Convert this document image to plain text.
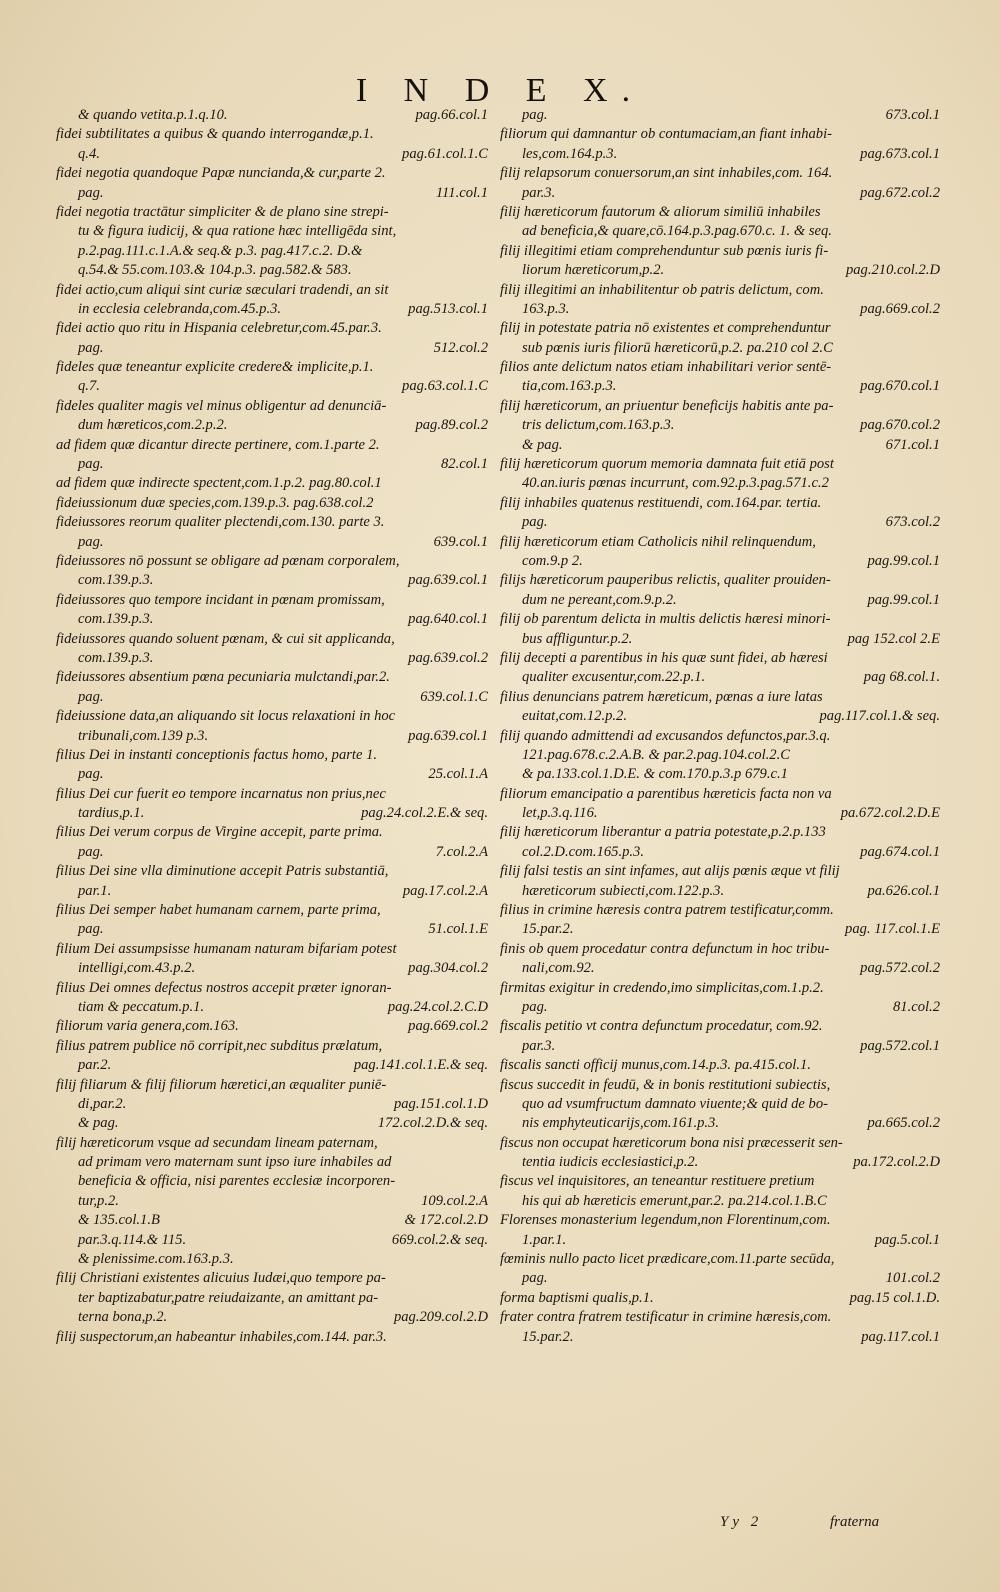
I N D E X.
& quando vetita.p.1.q.10.	pag.66.col.1
fidei subtilitates a quibus & quando interrogandæ,p.1.
q.4.	pag.61.col.1.C
fidei negotia quandoque Papæ nuncianda,& cur,parte 2.
pag.	111.col.1
fidei negotia tractātur simpliciter & de plano sine strepi-
tu & figura iudicij, & qua ratione hæc intelligēda sint,
p.2.pag.111.c.1.A.& seq.& p.3. pag.417.c.2. D.&
q.54.& 55.com.103.& 104.p.3. pag.582.& 583.
fidei actio,cum aliqui sint curiæ sæculari tradendi, an sit
in ecclesia celebranda,com.45.p.3.	pag.513.col.1
fidei actio quo ritu in Hispania celebretur,com.45.par.3.
pag.	512.col.2
fideles quæ teneantur explicite credere& implicite,p.1.
q.7.	pag.63.col.1.C
fideles qualiter magis vel minus obligentur ad denunciā-
dum hæreticos,com.2.p.2.	pag.89.col.2
ad fidem quæ dicantur directe pertinere, com.1.parte 2.
pag.	82.col.1
ad fidem quæ indirecte spectent,com.1.p.2. pag.80.col.1
fideiussionum duæ species,com.139.p.3. pag.638.col.2
fideiussores reorum qualiter plectendi,com.130. parte 3.
pag.	639.col.1
fideiussores nō possunt se obligare ad pœnam corporalem,
com.139.p.3.	pag.639.col.1
fideiussores quo tempore incidant in pœnam promissam,
com.139.p.3.	pag.640.col.1
fideiussores quando soluent pœnam, & cui sit applicanda,
com.139.p.3.	pag.639.col.2
fideiussores absentium pœna pecuniaria mulctandi,par.2.
pag.	639.col.1.C
fideiussione data,an aliquando sit locus relaxationi in hoc
tribunali,com.139 p.3.	pag.639.col.1
filius Dei in instanti conceptionis factus homo, parte 1.
pag.	25.col.1.A
filius Dei cur fuerit eo tempore incarnatus non prius,nec
tardius,p.1.	pag.24.col.2.E.& seq.
filius Dei verum corpus de Virgine accepit, parte prima.
pag.	7.col.2.A
filius Dei sine vlla diminutione accepit Patris substantiā,
par.1.	pag.17.col.2.A
filius Dei semper habet humanam carnem, parte prima,
pag.	51.col.1.E
filium Dei assumpsisse humanam naturam bifariam potest
intelligi,com.43.p.2.	pag.304.col.2
filius Dei omnes defectus nostros accepit præter ignoran-
tiam & peccatum.p.1.	pag.24.col.2.C.D
filiorum varia genera,com.163.	pag.669.col.2
filius patrem publice nō corripit,nec subditus prælatum,
par.2.	pag.141.col.1.E.& seq.
filij filiarum & filij filiorum hæretici,an æqualiter puniē-
di,par.2.	pag.151.col.1.D
& pag.	172.col.2.D.& seq.
filij hæreticorum vsque ad secundam lineam paternam,
ad primam vero maternam sunt ipso iure inhabiles ad
beneficia & officia, nisi parentes ecclesiæ incorporen-
tur,p.2.	109.col.2.A
& 135.col.1.B	& 172.col.2.D
par.3.q.114.& 115.	669.col.2.& seq.
& plenissime.com.163.p.3.
filij Christiani existentes alicuius Iudæi,quo tempore pa-
ter baptizabatur,patre reiudaizante, an amittant pa-
terna bona,p.2.	pag.209.col.2.D
filij suspectorum,an habeantur inhabiles,com.144. par.3.
pag.	673.col.1
filiorum qui damnantur ob contumaciam,an fiant inhabi-
les,com.164.p.3.	pag.673.col.1
filij relapsorum conuersorum,an sint inhabiles,com. 164.
par.3.	pag.672.col.2
filij hæreticorum fautorum & aliorum similiū inhabiles
ad beneficia,& quare,cō.164.p.3.pag.670.c. 1. & seq.
filij illegitimi etiam comprehenduntur sub pœnis iuris fi-
liorum hæreticorum,p.2.	pag.210.col.2.D
filij illegitimi an inhabilitentur ob patris delictum, com.
163.p.3.	pag.669.col.2
filij in potestate patria nō existentes et comprehenduntur
sub pœnis iuris filiorū hæreticorū,p.2. pa.210 col 2.C
filios ante delictum natos etiam inhabilitari verior sentē-
tia,com.163.p.3.	pag.670.col.1
filij hæreticorum, an priuentur beneficijs habitis ante pa-
tris delictum,com.163.p.3.	pag.670.col.2
& pag.	671.col.1
filij hæreticorum quorum memoria damnata fuit etiā post
40.an.iuris pœnas incurrunt, com.92.p.3.pag.571.c.2
filij inhabiles quatenus restituendi, com.164.par. tertia.
pag.	673.col.2
filij hæreticorum etiam Catholicis nihil relinquendum,
com.9.p 2.	pag.99.col.1
filijs hæreticorum pauperibus relictis, qualiter prouiden-
dum ne pereant,com.9.p.2.	pag.99.col.1
filij ob parentum delicta in multis delictis hæresi minori-
bus affliguntur.p.2.	pag 152.col 2.E
filij decepti a parentibus in his quæ sunt fidei, ab hæresi
qualiter excusentur,com.22.p.1.	pag 68.col.1.
filius denuncians patrem hæreticum, pœnas a iure latas
euitat,com.12.p.2.	pag.117.col.1.& seq.
filij quando admittendi ad excusandos defunctos,par.3.q.
121.pag.678.c.2.A.B. & par.2.pag.104.col.2.C
& pa.133.col.1.D.E. & com.170.p.3.p 679.c.1
filiorum emancipatio a parentibus hæreticis facta non va
let,p.3.q.116.	pa.672.col.2.D.E
filij hæreticorum liberantur a patria potestate,p.2.p.133
col.2.D.com.165.p.3.	pag.674.col.1
filij falsi testis an sint infames, aut alijs pœnis æque vt filij
hæreticorum subiecti,com.122.p.3.	pa.626.col.1
filius in crimine hæresis contra patrem testificatur,comm.
15.par.2.	pag. 117.col.1.E
finis ob quem procedatur contra defunctum in hoc tribu-
nali,com.92.	pag.572.col.2
firmitas exigitur in credendo,imo simplicitas,com.1.p.2.
pag.	81.col.2
fiscalis petitio vt contra defunctum procedatur, com.92.
par.3.	pag.572.col.1
fiscalis sancti officij munus,com.14.p.3. pa.415.col.1.
fiscus succedit in feudū, & in bonis restitutioni subiectis,
quo ad vsumfructum damnato viuente;& quid de bo-
nis emphyteuticarijs,com.161.p.3.	pa.665.col.2
fiscus non occupat hæreticorum bona nisi præcesserit sen-
tentia iudicis ecclesiastici,p.2.	pa.172.col.2.D
fiscus vel inquisitores, an teneantur restituere pretium
his qui ab hæreticis emerunt,par.2. pa.214.col.1.B.C
Florenses monasterium legendum,non Florentinum,com.
1.par.1.	pag.5.col.1
fœminis nullo pacto licet prædicare,com.11.parte secūda,
pag.	101.col.2
forma baptismi qualis,p.1.	pag.15 col.1.D.
frater contra fratrem testificatur in crimine hæresis,com.
15.par.2.	pag.117.col.1
Yy 2	fraterna
